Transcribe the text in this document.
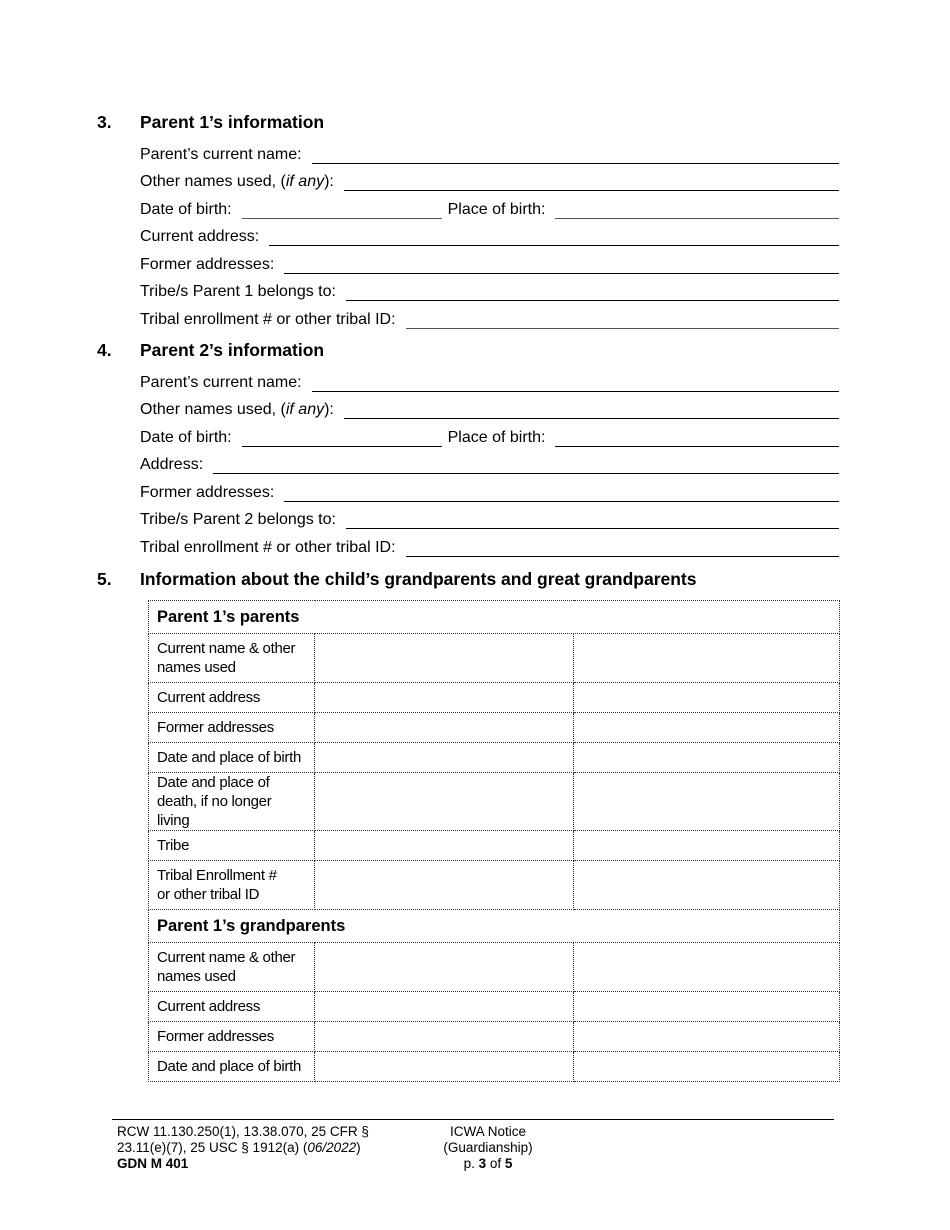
3. Parent 1’s information
Parent’s current name:
Other names used, (if any):
Date of birth:	Place of birth:
Current address:
Former addresses:
Tribe/s Parent 1 belongs to:
Tribal enrollment # or other tribal ID:
4. Parent 2’s information
Parent’s current name:
Other names used, (if any):
Date of birth:	Place of birth:
Address:
Former addresses:
Tribe/s Parent 2 belongs to:
Tribal enrollment # or other tribal ID:
5. Information about the child’s grandparents and great grandparents
Parent 1’s parents		

Current name & other
names used		

Current address		

Former addresses		

Date and place of birth		

Date and place of
death, if no longer living		

Tribe		

Tribal Enrollment #
or other tribal ID		

Parent 1’s grandparents		

Current name & other
names used		

Current address		

Former addresses		

Date and place of birth		

RCW 11.130.250(1), 13.38.070, 25 CFR §
23.11(e)(7), 25 USC § 1912(a) (06/2022)
GDN M 401
ICWA Notice
(Guardianship)
p. 3 of 5
